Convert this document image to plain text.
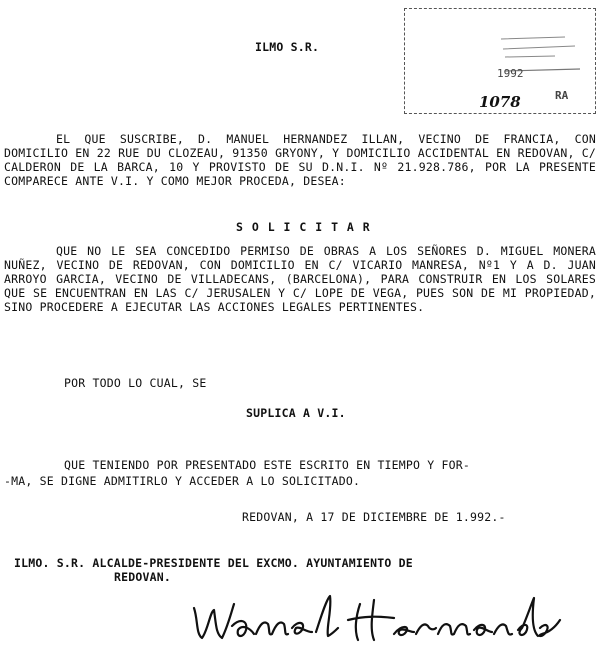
1992
RA
1078
ILMO S.R.
EL QUE SUSCRIBE, D. MANUEL HERNANDEZ ILLAN, VECINO DE FRANCIA, CON DOMICILIO EN 22 RUE DU CLOZEAU, 91350 GRYONY, Y DOMICILIO ACCIDENTAL EN REDOVAN, C/ CALDERON DE LA BARCA, 10 Y PROVISTO DE SU D.N.I. Nº 21.928.786, POR LA PRESENTE COMPARECE ANTE V.I. Y COMO MEJOR PROCEDA, DESEA:
S O L I C I T A R
QUE NO LE SEA CONCEDIDO PERMISO DE OBRAS A LOS SEÑORES D. MIGUEL MONERA NUÑEZ, VECINO DE REDOVAN, CON DOMICILIO EN C/ VICARIO MANRESA, Nº1 Y A D. JUAN ARROYO GARCIA, VECINO DE VILLADECANS, (BARCELONA), PARA CONSTRUIR EN LOS SOLARES QUE SE ENCUENTRAN EN LAS C/ JERUSALEN Y C/ LOPE DE VEGA, PUES SON DE MI PROPIEDAD, SINO PROCEDERE A EJECUTAR LAS ACCIONES LEGALES PERTINENTES.
POR TODO LO CUAL, SE
SUPLICA A V.I.
QUE TENIENDO POR PRESENTADO ESTE ESCRITO EN TIEMPO Y FOR-
-MA, SE DIGNE ADMITIRLO Y ACCEDER A LO SOLICITADO.
REDOVAN, A 17 DE DICIEMBRE DE 1.992.-
ILMO. S.R. ALCALDE-PRESIDENTE DEL EXCMO. AYUNTAMIENTO DE
REDOVAN.
